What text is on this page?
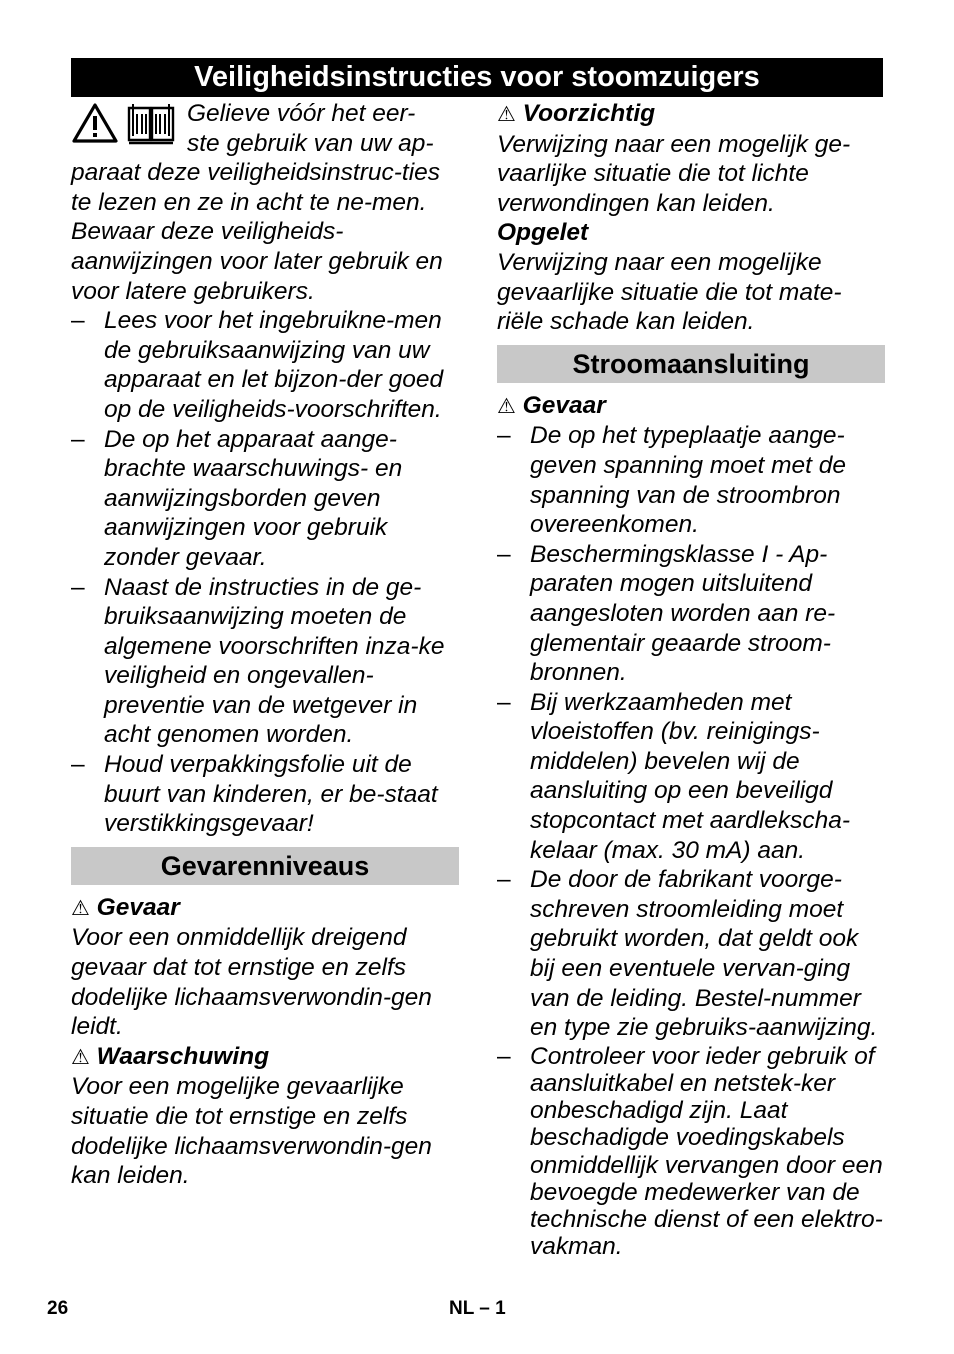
Veiligheidsinstructies voor stoomzuigers

Gelieve vóór het eer-
ste gebruik van uw ap-
paraat deze veiligheidsinstruc-ties te lezen en ze in acht te ne-men. Bewaar deze veiligheids-aanwijzingen voor later gebruik en voor latere gebruikers.

– Lees voor het ingebruikne-men de gebruiksaanwijzing van uw apparaat en let bijzon-der goed op de veiligheids-voorschriften.
– De op het apparaat aange-brachte waarschuwings- en aanwijzingsborden geven aanwijzingen voor gebruik zonder gevaar.
– Naast de instructies in de ge-bruiksaanwijzing moeten de algemene voorschriften inza-ke veiligheid en ongevallen-preventie van de wetgever in acht genomen worden.
– Houd verpakkingsfolie uit de buurt van kinderen, er be-staat verstikkingsgevaar!
Gevarenniveaus

⚠ Gevaar

Voor een onmiddellijk dreigend gevaar dat tot ernstige en zelfs dodelijke lichaamsverwondin-gen leidt.

⚠ Waarschuwing

Voor een mogelijke gevaarlijke situatie die tot ernstige en zelfs dodelijke lichaamsverwondin-gen kan leiden.

⚠ Voorzichtig

Verwijzing naar een mogelijk ge-vaarlijke situatie die tot lichte verwondingen kan leiden.

Opgelet

Verwijzing naar een mogelijke gevaarlijke situatie die tot mate-riële schade kan leiden.

Stroomaansluiting

⚠ Gevaar

– De op het typeplaatje aange-geven spanning moet met de spanning van de stroombron overeenkomen.
– Beschermingsklasse I - Ap-paraten mogen uitsluitend aangesloten worden aan re-glementair geaarde stroom-bronnen.
– Bij werkzaamheden met vloeistoffen (bv. reinigings-middelen) bevelen wij de aansluiting op een beveiligd stopcontact met aardlekscha-kelaar (max. 30 mA) aan.
– De door de fabrikant voorge-schreven stroomleiding moet gebruikt worden, dat geldt ook bij een eventuele vervan-ging van de leiding. Bestel-nummer en type zie gebruiks-aanwijzing.
– Controleer voor ieder gebruik of aansluitkabel en netstek-ker onbeschadigd zijn. Laat beschadigde voedingskabels onmiddellijk vervangen door een bevoegde medewerker van de technische dienst of een elektro-vakman.
26	NL – 1
